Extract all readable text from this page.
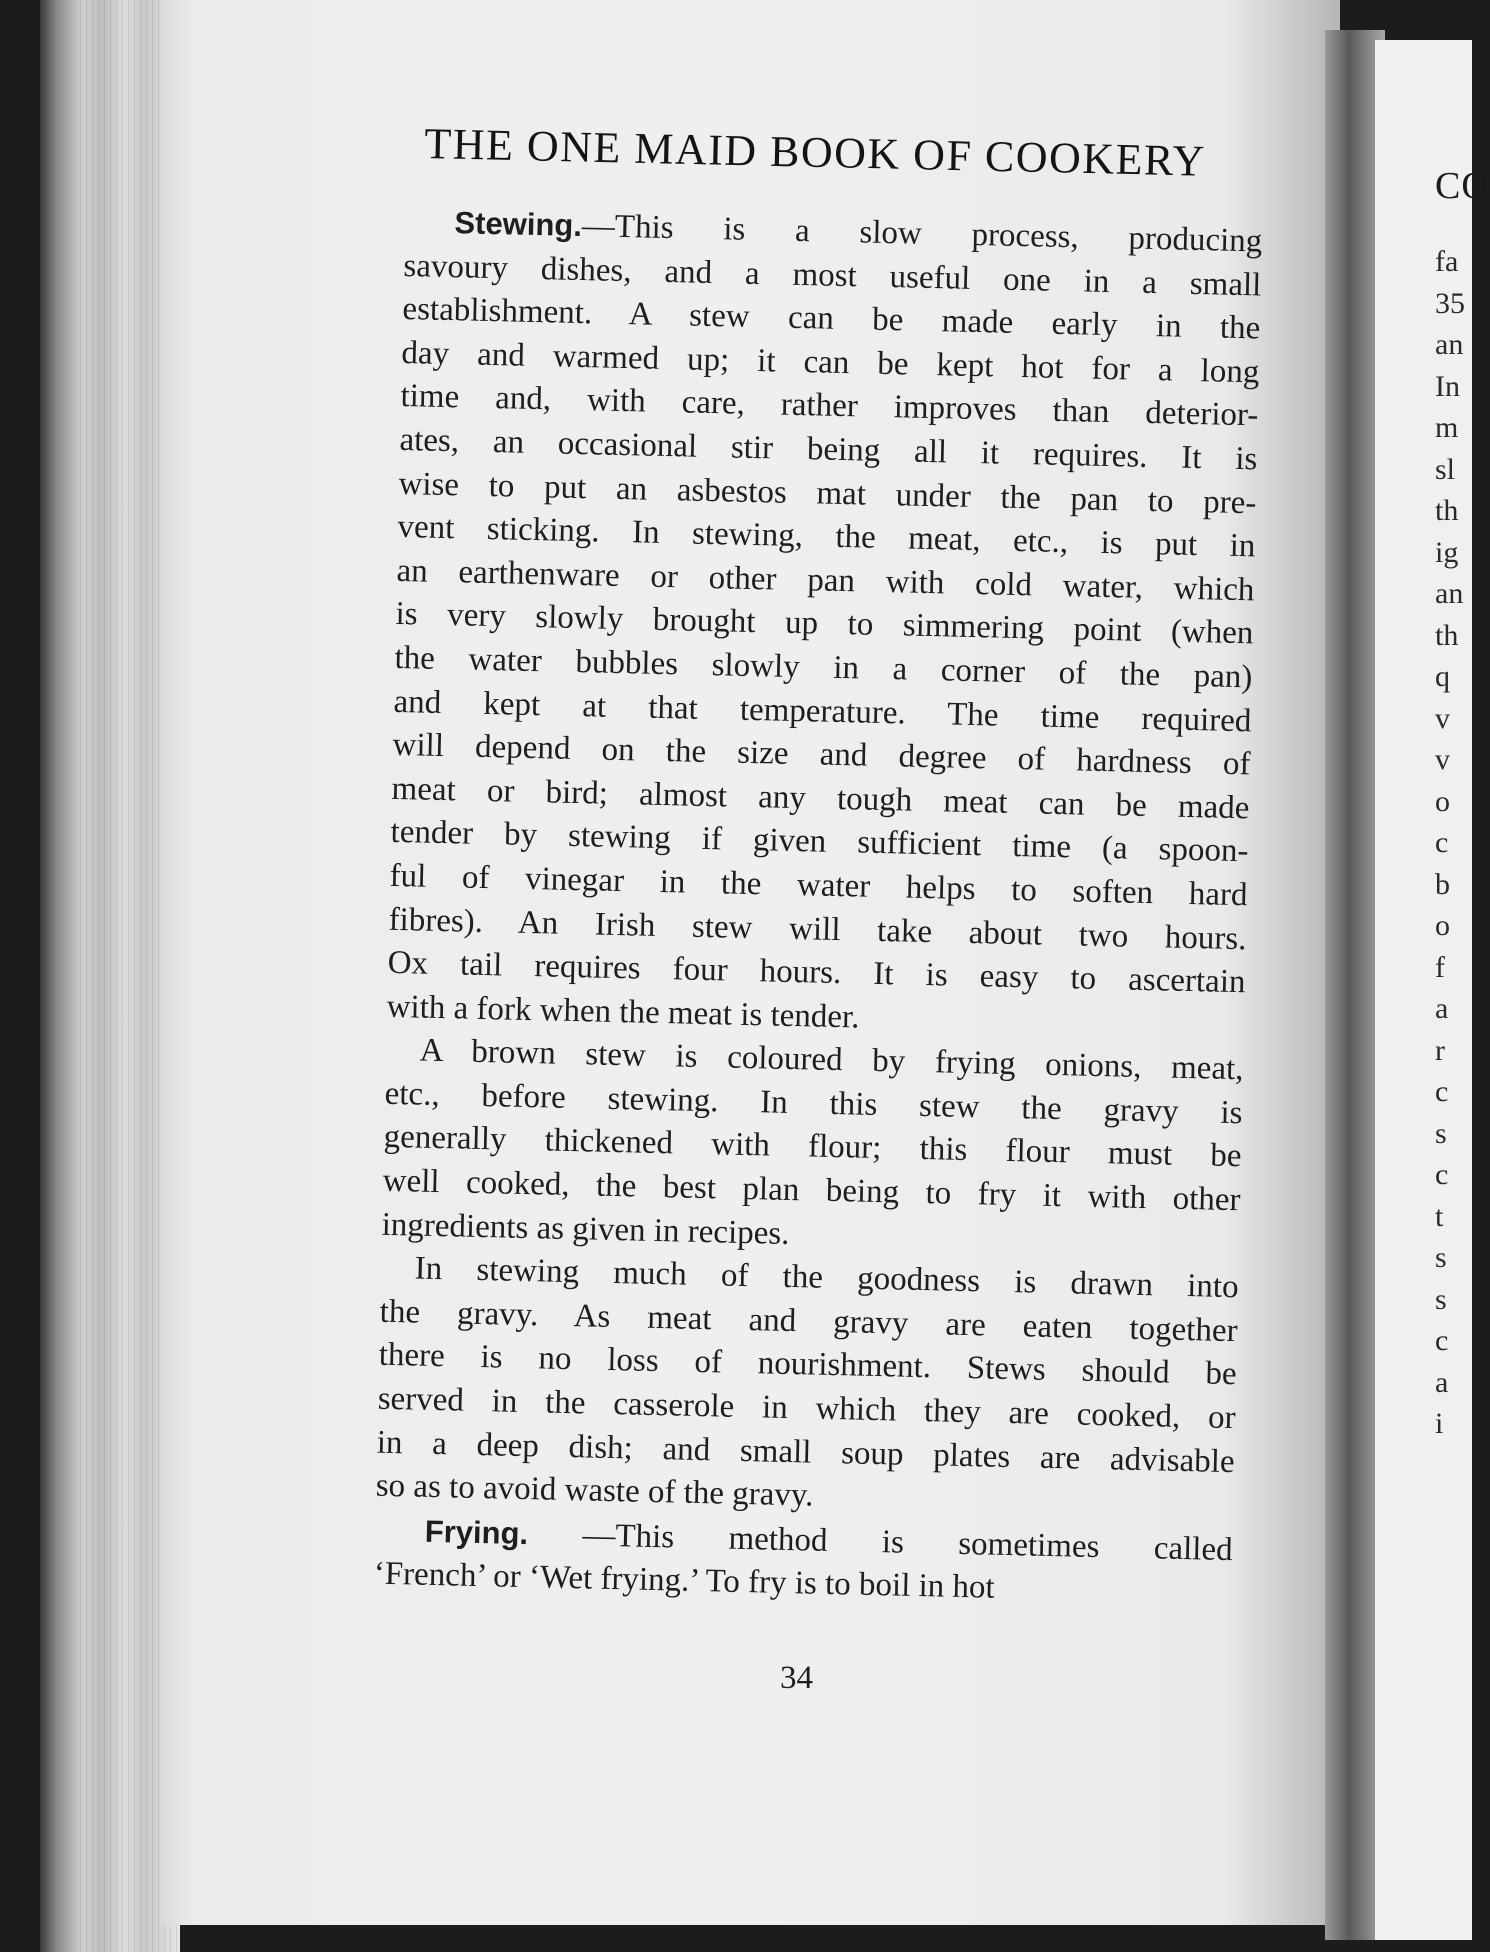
CO
fa
35
an
In
m
sl
th
ig
an
th
q
v
v
o
c
b
o
f
a
r
c
s
c
t
s
s
c
a
i
THE ONE MAID BOOK OF COOKERY
Stewing.—This is a slow process, producing
savoury dishes, and a most useful one in a small
establishment. A stew can be made early in the
day and warmed up; it can be kept hot for a long
time and, with care, rather improves than deterior-
ates, an occasional stir being all it requires. It is
wise to put an asbestos mat under the pan to pre-
vent sticking. In stewing, the meat, etc., is put in
an earthenware or other pan with cold water, which
is very slowly brought up to simmering point (when
the water bubbles slowly in a corner of the pan)
and kept at that temperature. The time required
will depend on the size and degree of hardness of
meat or bird; almost any tough meat can be made
tender by stewing if given sufficient time (a spoon-
ful of vinegar in the water helps to soften hard
fibres). An Irish stew will take about two hours.
Ox tail requires four hours. It is easy to ascertain
with a fork when the meat is tender.
A brown stew is coloured by frying onions, meat,
etc., before stewing. In this stew the gravy is
generally thickened with flour; this flour must be
well cooked, the best plan being to fry it with other
ingredients as given in recipes.
In stewing much of the goodness is drawn into
the gravy. As meat and gravy are eaten together
there is no loss of nourishment. Stews should be
served in the casserole in which they are cooked, or
in a deep dish; and small soup plates are advisable
so as to avoid waste of the gravy.
Frying. —This method is sometimes called
‘French’ or ‘Wet frying.’ To fry is to boil in hot
34
